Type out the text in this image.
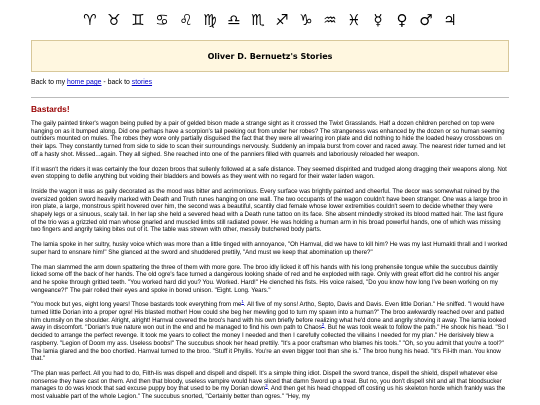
♈ ♉ ♊ ♋ ♌ ♍ ♎ ♏ ♐ ♑ ♒ ♓ ☿ ♀ ♂ ♃
Oliver D. Bernuetz's Stories
Back to my home page - back to stories
Bastards!

The gaily painted tinker's wagon being pulled by a pair of gelded bison made a strange sight as it crossed the Twixt Grasslands. Half a dozen children perched on top were hanging on as it bumped along. Did one perhaps have a scorpion's tail peeking out from under her robes? The strangeness was enhanced by the dozen or so human seeming outriders mounted on mules. The robes they wore only partially disguised the fact that they were all wearing iron plate and did nothing to hide the loaded heavy crossbows on their laps. They constantly turned from side to side to scan their surroundings nervously. Suddenly an impala burst from cover and raced away. The nearest rider turned and let off a hasty shot. Missed...again. They all sighed. She reached into one of the panniers filled with quarrels and laboriously reloaded her weapon.

If it wasn't the riders it was certainly the four dozen broos that sullenly followed at a safe distance. They seemed dispirited and trudged along dragging their weapons along. Not even stopping to defile anything but voiding their bladders and bowels as they went with no regard for their water laden wagon.

Inside the wagon it was as gaily decorated as the mood was bitter and acrimonious. Every surface was brightly painted and cheerful. The decor was somewhat ruined by the oversized golden sword heavily marked with Death and Truth runes hanging on one wall. The two occupants of the wagon couldn't have been stranger. One was a large broo in iron plate, a large, monstrous spirit hovered over him, the second was a beautiful, scantily clad female whose lower extremities couldn't seem to decide whether they were shapely legs or a sinuous, scaly tail. In her lap she held a severed head with a Death rune tattoo on its face. She absent mindedly stroked its blood matted hair. The last figure of the trio was a grizzled old man whose gnarled and muscled limbs still radiated power. He was holding a human arm in his broad powerful hands, one of which was missing two fingers and angrily taking bites out of it. The table was strewn with other, messily butchered body parts.

The lamia spoke in her sultry, husky voice which was more than a little tinged with annoyance, "Oh Harnval, did we have to kill him? He was my last Humakti thrall and I worked super hard to ensnare him!" She glanced at the sword and shuddered prettily, "And must we keep that abomination up there?"

The man slammed the arm down spattering the three of them with more gore. The broo idly licked it off his hands with his long prehensile tongue while the succubus daintily licked some off the back of her hands. The old ogre's face turned a dangerous looking shade of red and he exploded with rage. Only with great effort did he control his anger and he spoke through gritted teeth. "You worked hard did you? You. Worked. Hard!" He clenched his fists. His voice raised, "Do you know how long I've been working on my vengeance?!" The pair rolled their eyes and spoke in bored unison. "Eight. Long. Years."

"You mock but yes, eight long years! Those bastards took everything from $me^1$. All five of my sons! Artho, Septo, Davis and Davis. Even little Dorian." He sniffed. "I would have turned little Dorian into a proper ogre! His blasted mother! How could she beg her mewling god to turn my spawn into a human?" The broo awkwardly reached over and patted him clumsily on the shoulder. Alright, alright! Harnval covered the broo's hand with his own briefly before realizing what he'd done and angrily shoving it away. The lamia looked away in discomfort. "Dorian's true nature won out in the end and he managed to find his own path to Chaos$^2$. But he was took weak to follow the path." He shook his head. "So I decided to arrange the perfect revenge. It took me years to collect the money I needed and then I carefully collected the villains I needed for my plan." He derisively blew a raspberry. "Legion of Doom my ass. Useless boobs!" The succubus shook her head prettily. "It's a poor craftsman who blames his tools." "Oh, so you admit that you're a tool?" The lamia glared and the boo chortled. Harnval turned to the broo. "Stuff it Phyllis. You're an even bigger tool than she is." The broo hung his head. "It's Fil-ith man. You know that."

"The plan was perfect. All you had to do, Filth-lis was dispell and dispell and dispell. It's a simple thing idiot. Dispell the sword trance, dispell the shield, dispell whatever else nonsense they have cast on them. And then that bloody, useless vampire would have sliced that damn Sword up a treat. But no, you don't dispell shit and all that bloodsucker manages to do was knock that sad excuse puppy boy that used to be my Dorian down$^3$. And then get his head chopped off costing us his skeleton horde which frankly was the most valuable part of the whole Legion." The succubus snorted, "Certainly better than ogres." "Hey, my
